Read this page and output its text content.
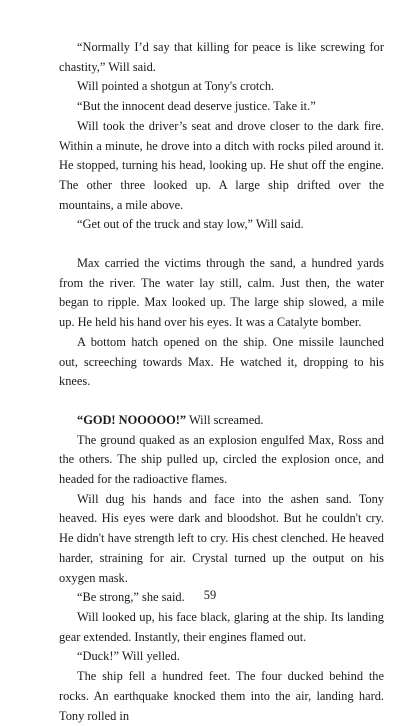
“Normally I’d say that killing for peace is like screwing for chastity,” Will said.

Will pointed a shotgun at Tony's crotch.

“But the innocent dead deserve justice. Take it.”

Will took the driver’s seat and drove closer to the dark fire. Within a minute, he drove into a ditch with rocks piled around it. He stopped, turning his head, looking up. He shut off the engine. The other three looked up. A large ship drifted over the mountains, a mile above.

“Get out of the truck and stay low,” Will said.

Max carried the victims through the sand, a hundred yards from the river. The water lay still, calm. Just then, the water began to ripple. Max looked up. The large ship slowed, a mile up. He held his hand over his eyes. It was a Catalyte bomber.

A bottom hatch opened on the ship. One missile launched out, screeching towards Max. He watched it, dropping to his knees.

“GOD! NOOOOO!” Will screamed.

The ground quaked as an explosion engulfed Max, Ross and the others. The ship pulled up, circled the explosion once, and headed for the radioactive flames.

Will dug his hands and face into the ashen sand. Tony heaved. His eyes were dark and bloodshot. But he couldn't cry. He didn't have strength left to cry. His chest clenched. He heaved harder, straining for air. Crystal turned up the output on his oxygen mask.

“Be strong,” she said.

Will looked up, his face black, glaring at the ship. Its landing gear extended. Instantly, their engines flamed out.

“Duck!” Will yelled.

The ship fell a hundred feet. The four ducked behind the rocks. An earthquake knocked them into the air, landing hard. Tony rolled in

59
